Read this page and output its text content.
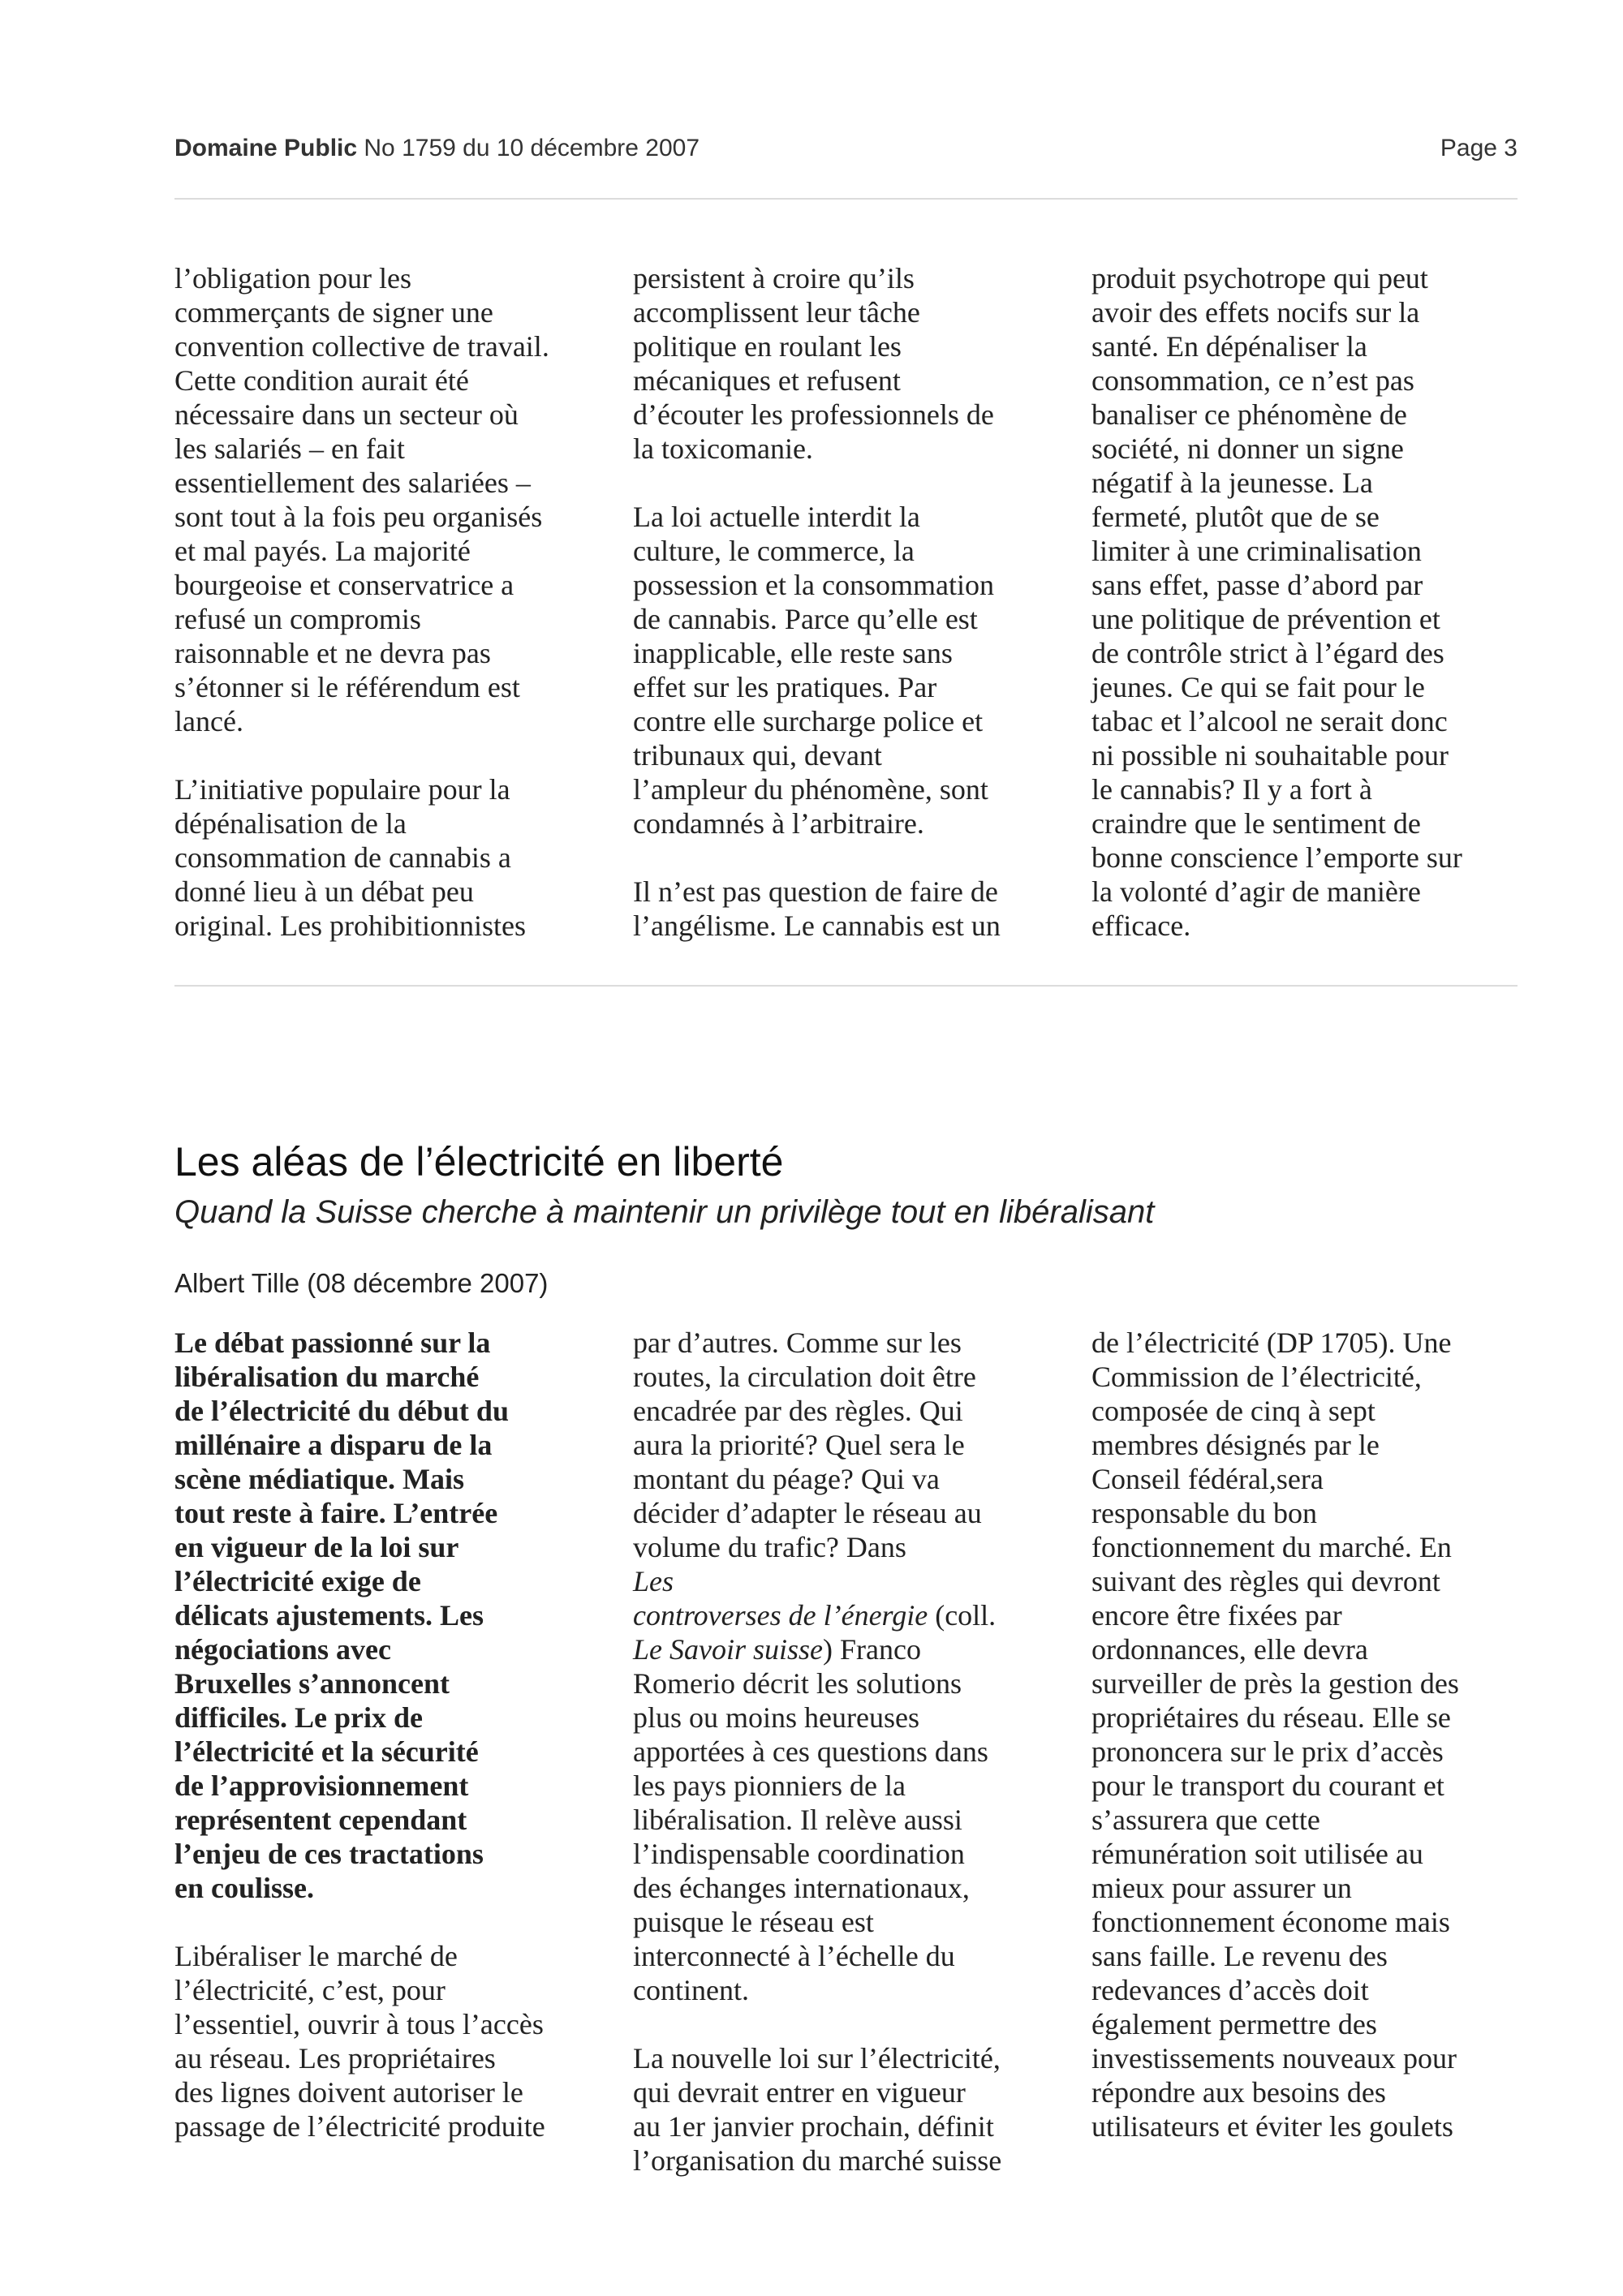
Domaine Public No 1759 du 10 décembre 2007	Page 3
l’obligation pour les
commerçants de signer une
convention collective de travail.
Cette condition aurait été
nécessaire dans un secteur où
les salariés – en fait
essentiellement des salariées –
sont tout à la fois peu organisés
et mal payés. La majorité
bourgeoise et conservatrice a
refusé un compromis
raisonnable et ne devra pas
s’étonner si le référendum est
lancé.
L’initiative populaire pour la
dépénalisation de la
consommation de cannabis a
donné lieu à un débat peu
original. Les prohibitionnistes
persistent à croire qu’ils
accomplissent leur tâche
politique en roulant les
mécaniques et refusent
d’écouter les professionnels de
la toxicomanie.
La loi actuelle interdit la
culture, le commerce, la
possession et la consommation
de cannabis. Parce qu’elle est
inapplicable, elle reste sans
effet sur les pratiques. Par
contre elle surcharge police et
tribunaux qui, devant
l’ampleur du phénomène, sont
condamnés à l’arbitraire.
Il n’est pas question de faire de
l’angélisme. Le cannabis est un
produit psychotrope qui peut
avoir des effets nocifs sur la
santé. En dépénaliser la
consommation, ce n’est pas
banaliser ce phénomène de
société, ni donner un signe
négatif à la jeunesse. La
fermeté, plutôt que de se
limiter à une criminalisation
sans effet, passe d’abord par
une politique de prévention et
de contrôle strict à l’égard des
jeunes. Ce qui se fait pour le
tabac et l’alcool ne serait donc
ni possible ni souhaitable pour
le cannabis? Il y a fort à
craindre que le sentiment de
bonne conscience l’emporte sur
la volonté d’agir de manière
efficace.
Les aléas de l’électricité en liberté
Quand la Suisse cherche à maintenir un privilège tout en libéralisant
Albert Tille (08 décembre 2007)
Le débat passionné sur la
libéralisation du marché
de l’électricité du début du
millénaire a disparu de la
scène médiatique. Mais
tout reste à faire. L’entrée
en vigueur de la loi sur
l’électricité exige de
délicats ajustements. Les
négociations avec
Bruxelles s’annoncent
difficiles. Le prix de
l’électricité et la sécurité
de l’approvisionnement
représentent cependant
l’enjeu de ces tractations
en coulisse.
Libéraliser le marché de
l’électricité, c’est, pour
l’essentiel, ouvrir à tous l’accès
au réseau. Les propriétaires
des lignes doivent autoriser le
passage de l’électricité produite
par d’autres. Comme sur les
routes, la circulation doit être
encadrée par des règles. Qui
aura la priorité? Quel sera le
montant du péage? Qui va
décider d’adapter le réseau au
volume du trafic? Dans
Les
controverses de l’énergie (coll.
Le Savoir suisse) Franco
Romerio décrit les solutions
plus ou moins heureuses
apportées à ces questions dans
les pays pionniers de la
libéralisation. Il relève aussi
l’indispensable coordination
des échanges internationaux,
puisque le réseau est
interconnecté à l’échelle du
continent.
La nouvelle loi sur l’électricité,
qui devrait entrer en vigueur
au 1er janvier prochain, définit
l’organisation du marché suisse
de l’électricité (DP 1705). Une
Commission de l’électricité,
composée de cinq à sept
membres désignés par le
Conseil fédéral,sera
responsable du bon
fonctionnement du marché. En
suivant des règles qui devront
encore être fixées par
ordonnances, elle devra
surveiller de près la gestion des
propriétaires du réseau. Elle se
prononcera sur le prix d’accès
pour le transport du courant et
s’assurera que cette
rémunération soit utilisée au
mieux pour assurer un
fonctionnement économe mais
sans faille. Le revenu des
redevances d’accès doit
également permettre des
investissements nouveaux pour
répondre aux besoins des
utilisateurs et éviter les goulets
